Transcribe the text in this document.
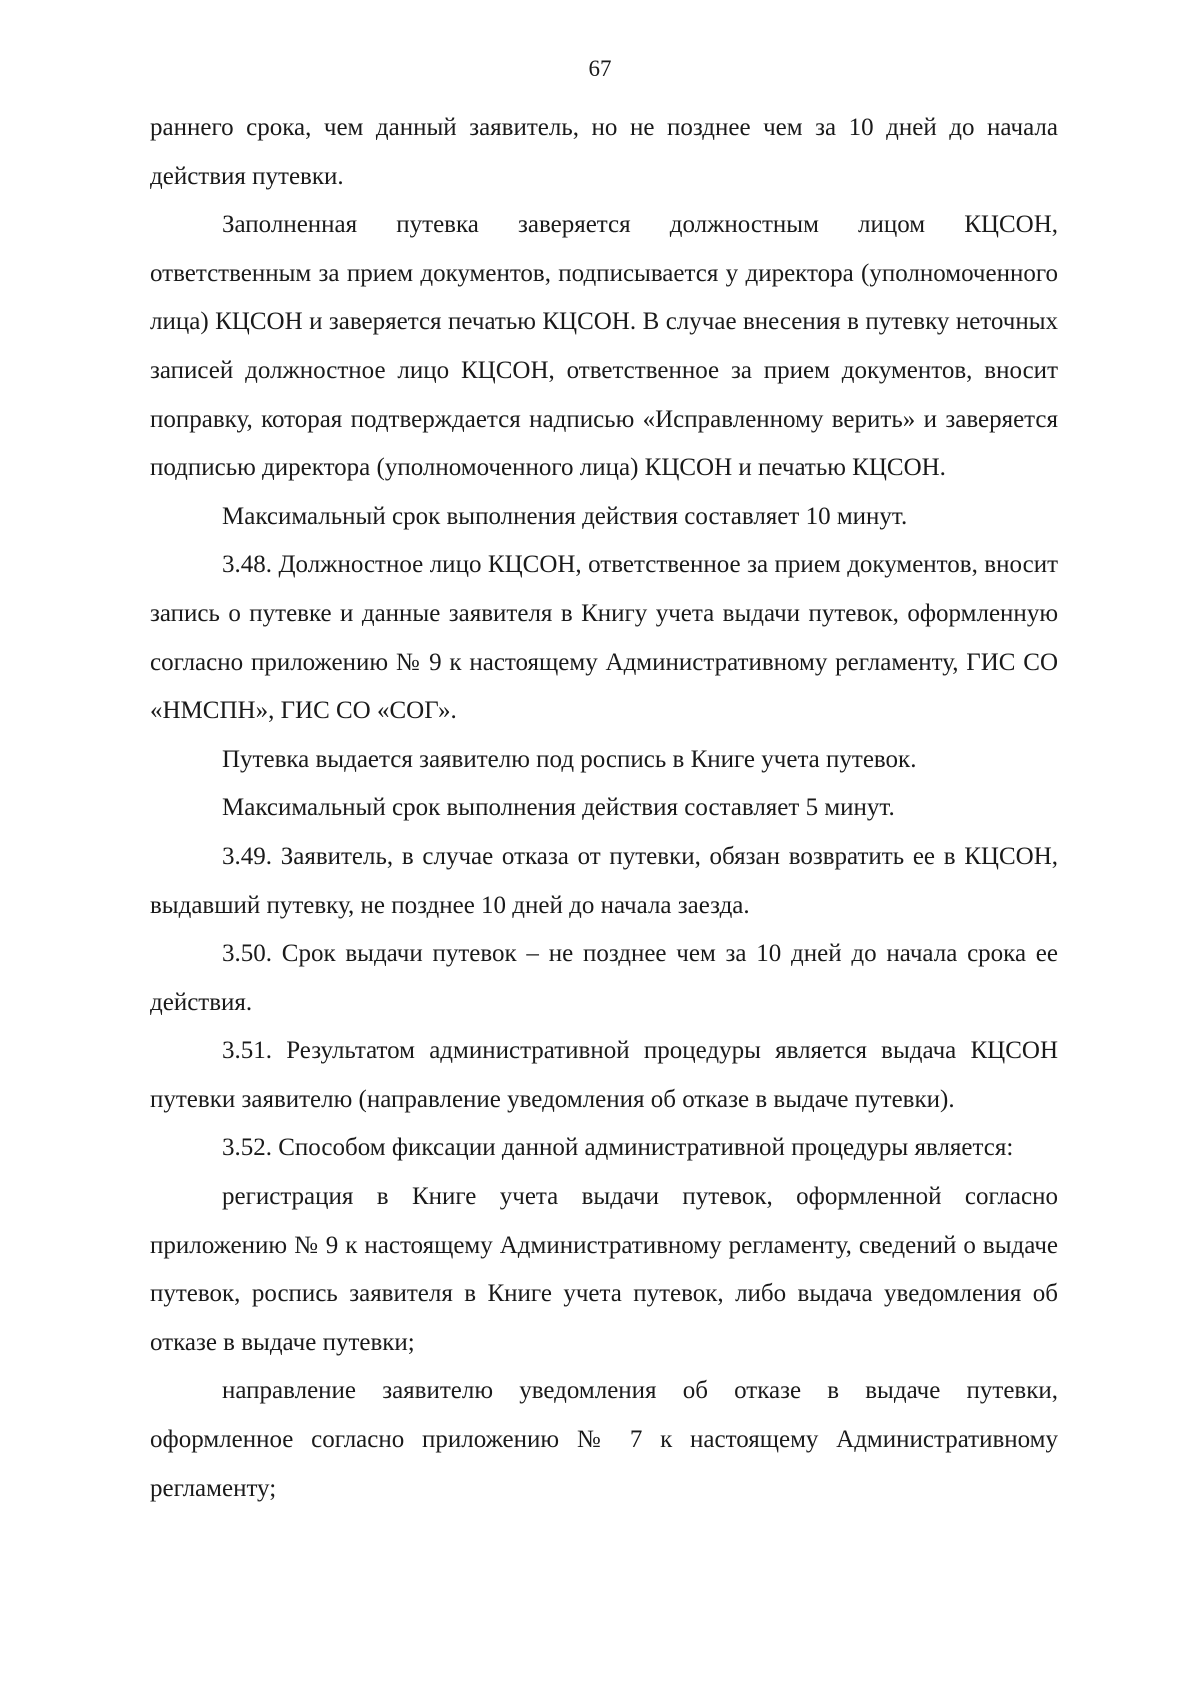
67

раннего срока, чем данный заявитель, но не позднее чем за 10 дней до начала действия путевки.

Заполненная путевка заверяется должностным лицом КЦСОН, ответственным за прием документов, подписывается у директора (уполномоченного лица) КЦСОН и заверяется печатью КЦСОН. В случае внесения в путевку неточных записей должностное лицо КЦСОН, ответственное за прием документов, вносит поправку, которая подтверждается надписью «Исправленному верить» и заверяется подписью директора (уполномоченного лица) КЦСОН и печатью КЦСОН.

Максимальный срок выполнения действия составляет 10 минут.

3.48. Должностное лицо КЦСОН, ответственное за прием документов, вносит запись о путевке и данные заявителя в Книгу учета выдачи путевок, оформленную согласно приложению № 9 к настоящему Административному регламенту, ГИС СО «НМСПН», ГИС СО «СОГ».

Путевка выдается заявителю под роспись в Книге учета путевок.

Максимальный срок выполнения действия составляет 5 минут.

3.49. Заявитель, в случае отказа от путевки, обязан возвратить ее в КЦСОН, выдавший путевку, не позднее 10 дней до начала заезда.

3.50. Срок выдачи путевок – не позднее чем за 10 дней до начала срока ее действия.

3.51. Результатом административной процедуры является выдача КЦСОН путевки заявителю (направление уведомления об отказе в выдаче путевки).

3.52. Способом фиксации данной административной процедуры является:

регистрация в Книге учета выдачи путевок, оформленной согласно приложению № 9 к настоящему Административному регламенту, сведений о выдаче путевок, роспись заявителя в Книге учета путевок, либо выдача уведомления об отказе в выдаче путевки;

направление заявителю уведомления об отказе в выдаче путевки, оформленное согласно приложению № 7 к настоящему Административному регламенту;
